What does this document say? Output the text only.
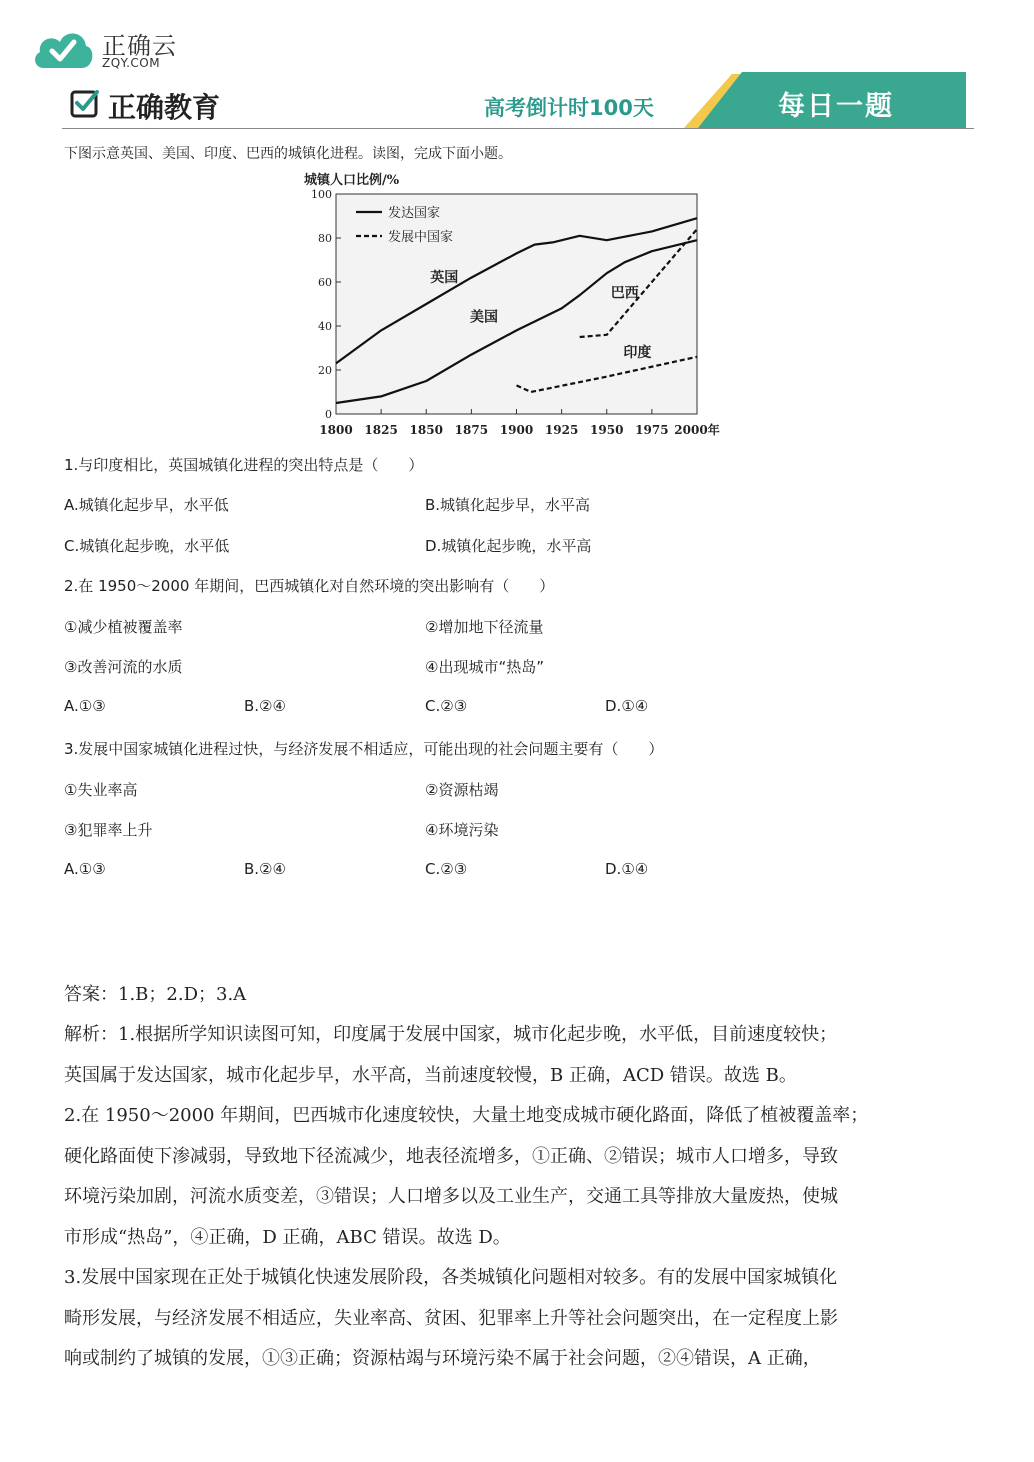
正确云
ZQY.COM
正确教育	高考倒计时100天	每日一题
下图示意英国、美国、印度、巴西的城镇化进程。读图，完成下面小题。
城镇人口比例/%
0
20
40
60
80
100
1800 1825 1850 1875 1900 1925 1950 1975 2000年
英国
美国
巴西
印度
发达国家
发展中国家
1.与印度相比，英国城镇化进程的突出特点是（　　）
A.城镇化起步早，水平低	B.城镇化起步早，水平高
C.城镇化起步晚，水平低	D.城镇化起步晚，水平高
2.在 1950～2000 年期间，巴西城镇化对自然环境的突出影响有（　　）
①减少植被覆盖率	②增加地下径流量
③改善河流的水质	④出现城市“热岛”
A.①③	B.②④	C.②③	D.①④
3.发展中国家城镇化进程过快，与经济发展不相适应，可能出现的社会问题主要有（　　）
①失业率高	②资源枯竭
③犯罪率上升	④环境污染
A.①③	B.②④	C.②③	D.①④
答案：1.B；2.D；3.A
解析：1.根据所学知识读图可知，印度属于发展中国家，城市化起步晚，水平低，目前速度较快；
英国属于发达国家，城市化起步早，水平高，当前速度较慢，B 正确，ACD 错误。故选 B。
2.在 1950～2000 年期间，巴西城市化速度较快，大量土地变成城市硬化路面，降低了植被覆盖率；
硬化路面使下渗减弱，导致地下径流减少，地表径流增多，①正确、②错误；城市人口增多，导致
环境污染加剧，河流水质变差，③错误；人口增多以及工业生产，交通工具等排放大量废热，使城
市形成“热岛”，④正确，D 正确，ABC 错误。故选 D。
3.发展中国家现在正处于城镇化快速发展阶段，各类城镇化问题相对较多。有的发展中国家城镇化
畸形发展，与经济发展不相适应，失业率高、贫困、犯罪率上升等社会问题突出，在一定程度上影
响或制约了城镇的发展，①③正确；资源枯竭与环境污染不属于社会问题，②④错误，A 正确，
